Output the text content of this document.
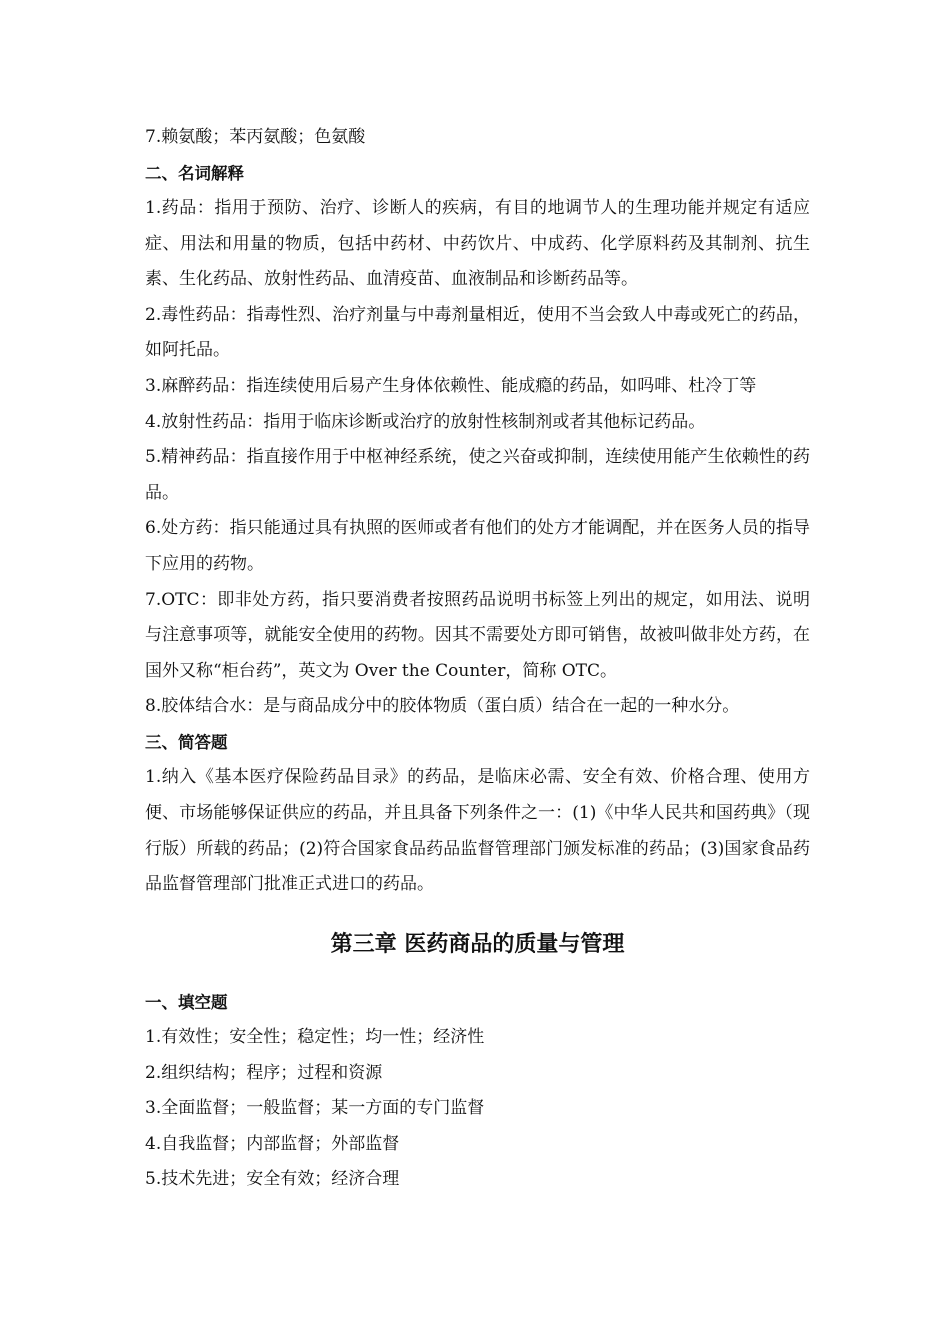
7.赖氨酸；苯丙氨酸；色氨酸
二、名词解释
1.药品：指用于预防、治疗、诊断人的疾病，有目的地调节人的生理功能并规定有适应症、用法和用量的物质，包括中药材、中药饮片、中成药、化学原料药及其制剂、抗生素、生化药品、放射性药品、血清疫苗、血液制品和诊断药品等。
2.毒性药品：指毒性烈、治疗剂量与中毒剂量相近，使用不当会致人中毒或死亡的药品，如阿托品。
3.麻醉药品：指连续使用后易产生身体依赖性、能成瘾的药品，如吗啡、杜冷丁等
4.放射性药品：指用于临床诊断或治疗的放射性核制剂或者其他标记药品。
5.精神药品：指直接作用于中枢神经系统，使之兴奋或抑制，连续使用能产生依赖性的药品。
6.处方药：指只能通过具有执照的医师或者有他们的处方才能调配，并在医务人员的指导下应用的药物。
7.OTC：即非处方药，指只要消费者按照药品说明书标签上列出的规定，如用法、说明与注意事项等，就能安全使用的药物。因其不需要处方即可销售，故被叫做非处方药，在国外又称“柜台药”，英文为 Over the Counter，简称 OTC。
8.胶体结合水：是与商品成分中的胶体物质（蛋白质）结合在一起的一种水分。
三、简答题
1.纳入《基本医疗保险药品目录》的药品，是临床必需、安全有效、价格合理、使用方便、市场能够保证供应的药品，并且具备下列条件之一：(1)《中华人民共和国药典》（现行版）所载的药品；(2)符合国家食品药品监督管理部门颁发标准的药品；(3)国家食品药品监督管理部门批准正式进口的药品。
第三章 医药商品的质量与管理
一、填空题
1.有效性；安全性；稳定性；均一性；经济性
2.组织结构；程序；过程和资源
3.全面监督；一般监督；某一方面的专门监督
4.自我监督；内部监督；外部监督
5.技术先进；安全有效；经济合理
